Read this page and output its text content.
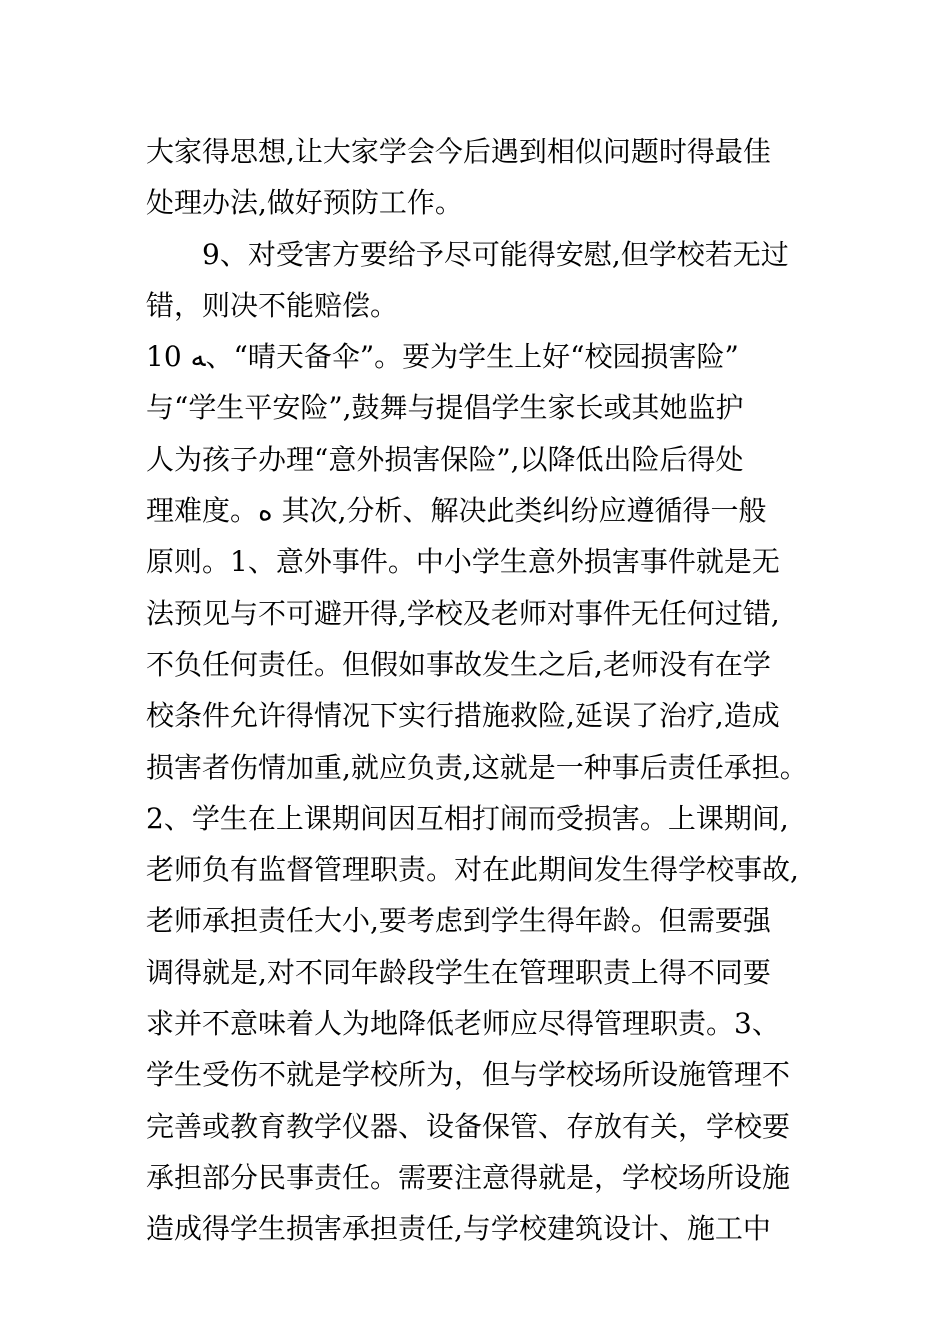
大家得思想,让大家学会今后遇到相似问题时得最佳
处理办法,做好预防工作。
9、对受害方要给予尽可能得安慰,但学校若无过
错，则决不能赔偿。
10 ﻪ、“晴天备伞”。要为学生上好“校园损害险”
与“学生平安险”,鼓舞与提倡学生家长或其她监护
人为孩子办理“意外损害保险”,以降低出险后得处
理难度。ﻩ 其次,分析、解决此类纠纷应遵循得一般
原则。1、意外事件。中小学生意外损害事件就是无
法预见与不可避开得,学校及老师对事件无任何过错,
不负任何责任。但假如事故发生之后,老师没有在学
校条件允许得情况下实行措施救险,延误了治疗,造成
损害者伤情加重,就应负责,这就是一种事后责任承担。
2、学生在上课期间因互相打闹而受损害。上课期间,
老师负有监督管理职责。对在此期间发生得学校事故,
老师承担责任大小,要考虑到学生得年龄。但需要强
调得就是,对不同年龄段学生在管理职责上得不同要
求并不意味着人为地降低老师应尽得管理职责。3、
学生受伤不就是学校所为，但与学校场所设施管理不
完善或教育教学仪器、设备保管、存放有关，学校要
承担部分民事责任。需要注意得就是，学校场所设施
造成得学生损害承担责任,与学校建筑设计、施工中
